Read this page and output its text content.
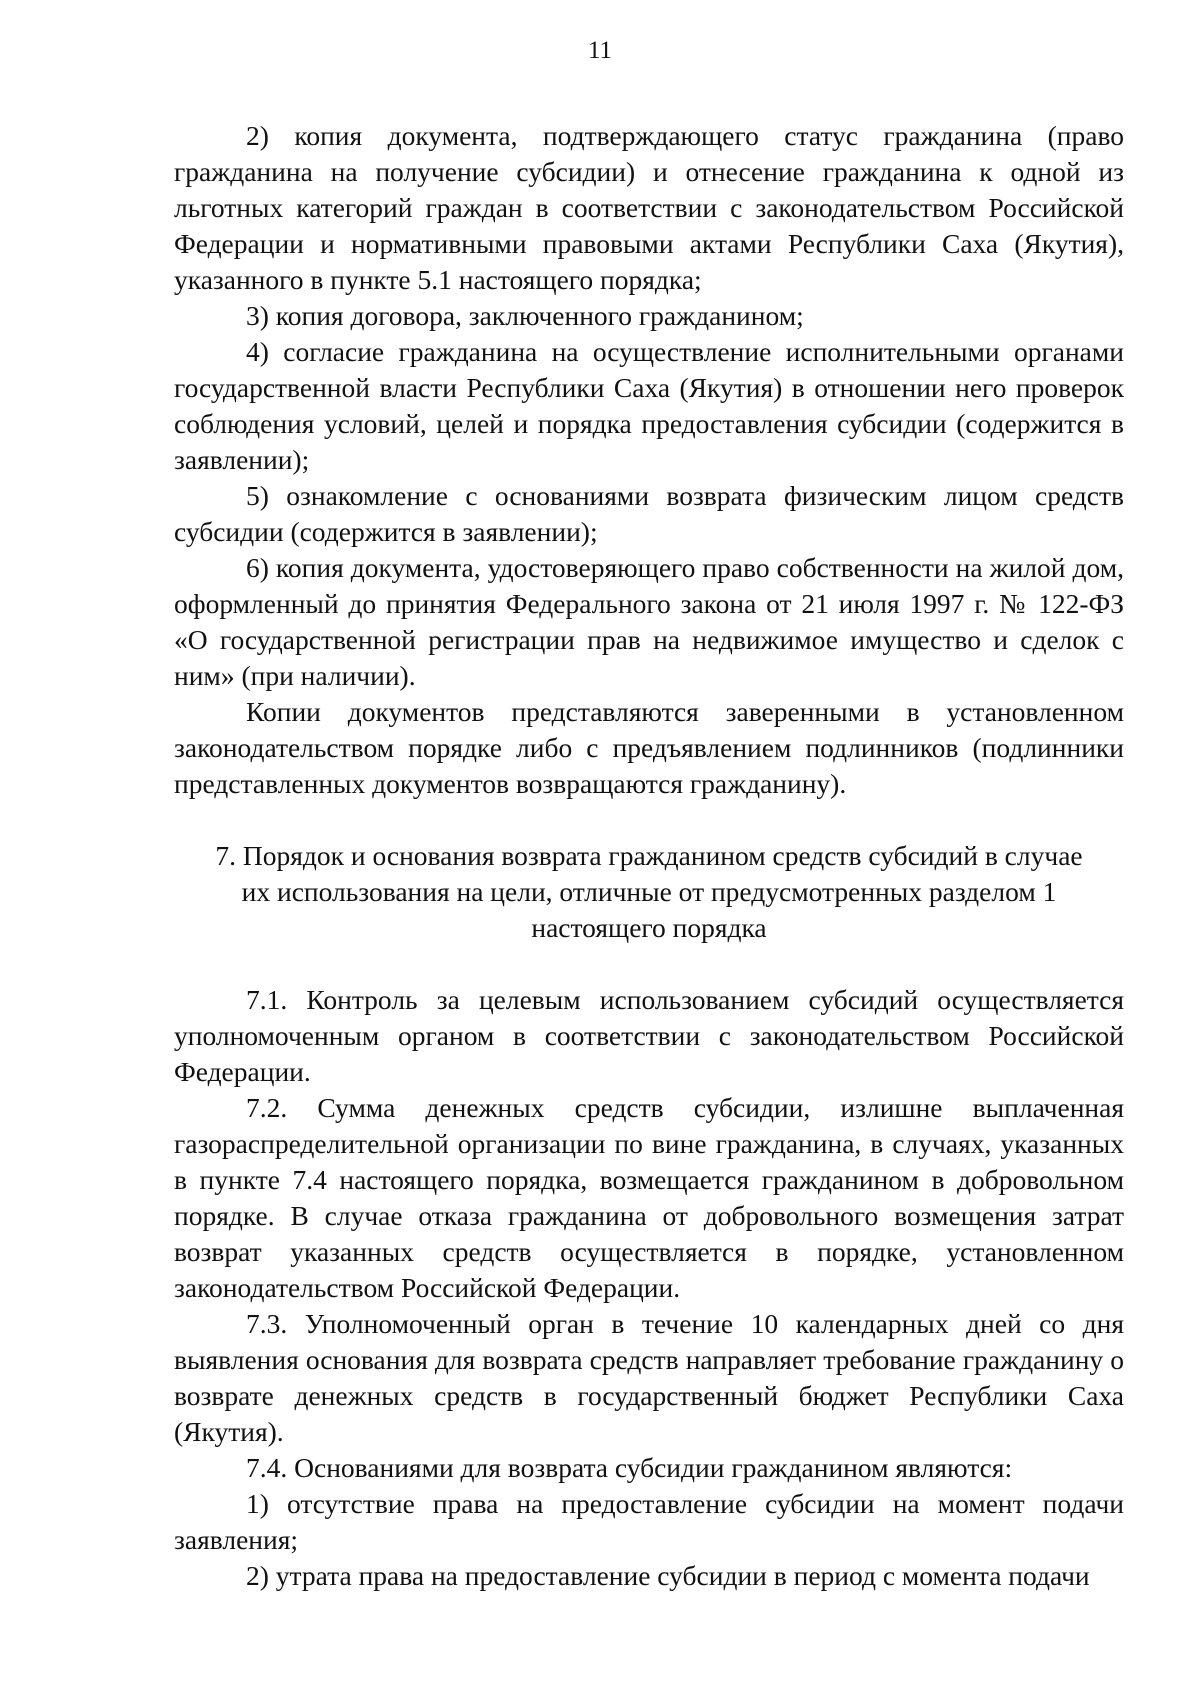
11

2) копия документа, подтверждающего статус гражданина (право гражданина на получение субсидии) и отнесение гражданина к одной из льготных категорий граждан в соответствии с законодательством Российской Федерации и нормативными правовыми актами Республики Саха (Якутия), указанного в пункте 5.1 настоящего порядка;

3) копия договора, заключенного гражданином;

4) согласие гражданина на осуществление исполнительными органами государственной власти Республики Саха (Якутия) в отношении него проверок соблюдения условий, целей и порядка предоставления субсидии (содержится в заявлении);

5) ознакомление с основаниями возврата физическим лицом средств субсидии (содержится в заявлении);

6) копия документа, удостоверяющего право собственности на жилой дом, оформленный до принятия Федерального закона от 21 июля 1997 г. № 122-ФЗ «О государственной регистрации прав на недвижимое имущество и сделок с ним» (при наличии).

Копии документов представляются заверенными в установленном законодательством порядке либо с предъявлением подлинников (подлинники представленных документов возвращаются гражданину).

7. Порядок и основания возврата гражданином средств субсидий в случае их использования на цели, отличные от предусмотренных разделом 1 настоящего порядка

7.1. Контроль за целевым использованием субсидий осуществляется уполномоченным органом в соответствии с законодательством Российской Федерации.

7.2. Сумма денежных средств субсидии, излишне выплаченная газораспределительной организации по вине гражданина, в случаях, указанных в пункте 7.4 настоящего порядка, возмещается гражданином в добровольном порядке. В случае отказа гражданина от добровольного возмещения затрат возврат указанных средств осуществляется в порядке, установленном законодательством Российской Федерации.

7.3. Уполномоченный орган в течение 10 календарных дней со дня выявления основания для возврата средств направляет требование гражданину о возврате денежных средств в государственный бюджет Республики Саха (Якутия).

7.4. Основаниями для возврата субсидии гражданином являются:

1) отсутствие права на предоставление субсидии на момент подачи заявления;

2) утрата права на предоставление субсидии в период с момента подачи
